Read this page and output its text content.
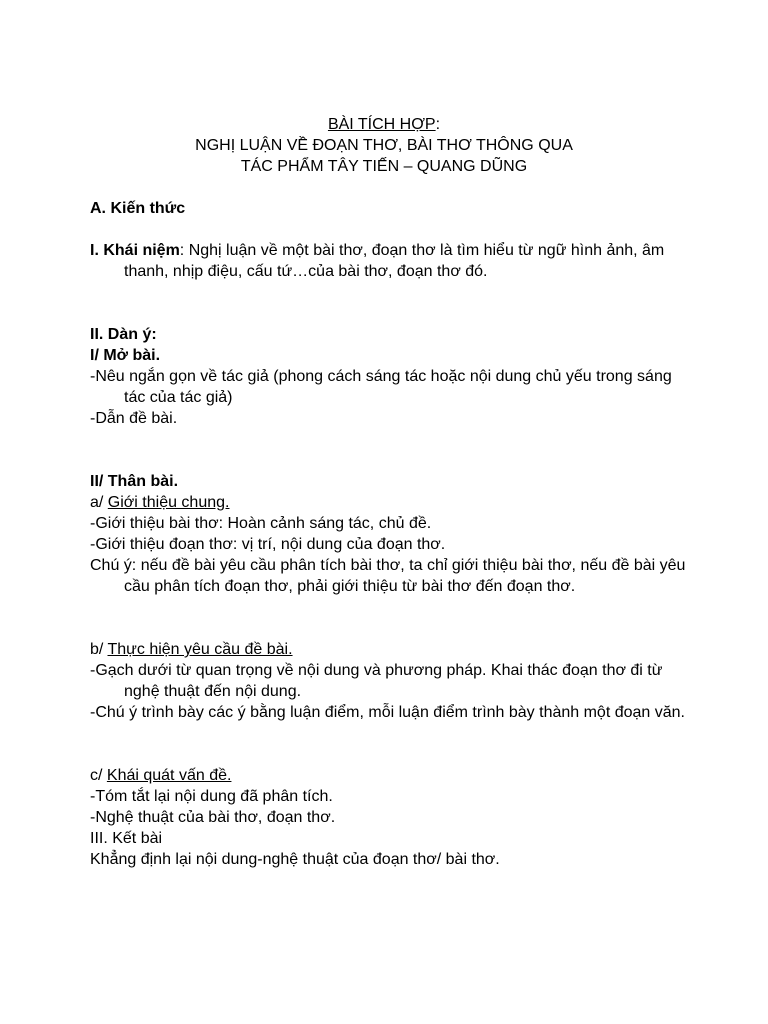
BÀI TÍCH HỢP:
NGHỊ LUẬN VỀ ĐOẠN THƠ, BÀI THƠ THÔNG QUA
TÁC PHẨM TÂY TIẾN – QUANG DŨNG
A. Kiến thức
I. Khái niệm: Nghị luận về một bài thơ, đoạn thơ là tìm hiểu từ ngữ hình ảnh, âm thanh, nhịp điệu, cấu tứ…của bài thơ, đoạn thơ đó.
II. Dàn ý:
I/ Mở bài.
-Nêu ngắn gọn về tác giả (phong cách sáng tác hoặc nội dung chủ yếu trong sáng tác của tác giả)
-Dẫn đề bài.
II/ Thân bài.
a/ Giới thiệu chung.
-Giới thiệu bài thơ: Hoàn cảnh sáng tác, chủ đề.
-Giới thiệu đoạn thơ: vị trí, nội dung của đoạn thơ.
Chú ý: nếu đề bài yêu cầu phân tích bài thơ, ta chỉ giới thiệu bài thơ, nếu đề bài yêu cầu phân tích đoạn thơ, phải giới thiệu từ bài thơ đến đoạn thơ.
b/ Thực hiện yêu cầu đề bài.
-Gạch dưới từ quan trọng về nội dung và phương pháp. Khai thác đoạn thơ đi từ nghệ thuật đến nội dung.
-Chú ý trình bày các ý bằng luận điểm, mỗi luận điểm trình bày thành một đoạn văn.
c/ Khái quát vấn đề.
-Tóm tắt lại nội dung đã phân tích.
-Nghệ thuật của bài thơ, đoạn thơ.
III. Kết bài
Khẳng định lại nội dung-nghệ thuật của đoạn thơ/ bài thơ.
